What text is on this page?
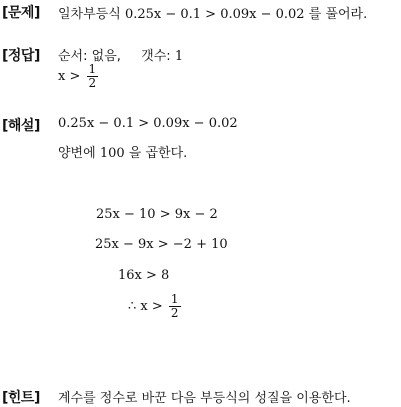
[문제] 일차부등식 0.25x − 0.1 > 0.09x − 0.02 를 풀어라.
[정답] 순서: 없음, 갯수: 1
$x > \frac{1}{2}$
[해설] 0.25x − 0.1 > 0.09x − 0.02
양변에 100 을 곱한다.
25x − 10 > 9x − 2
25x − 9x > −2 + 10
16x > 8
∴ $x > \frac{1}{2}$
[힌트] 계수를 정수로 바꾼 다음 부등식의 성질을 이용한다.
